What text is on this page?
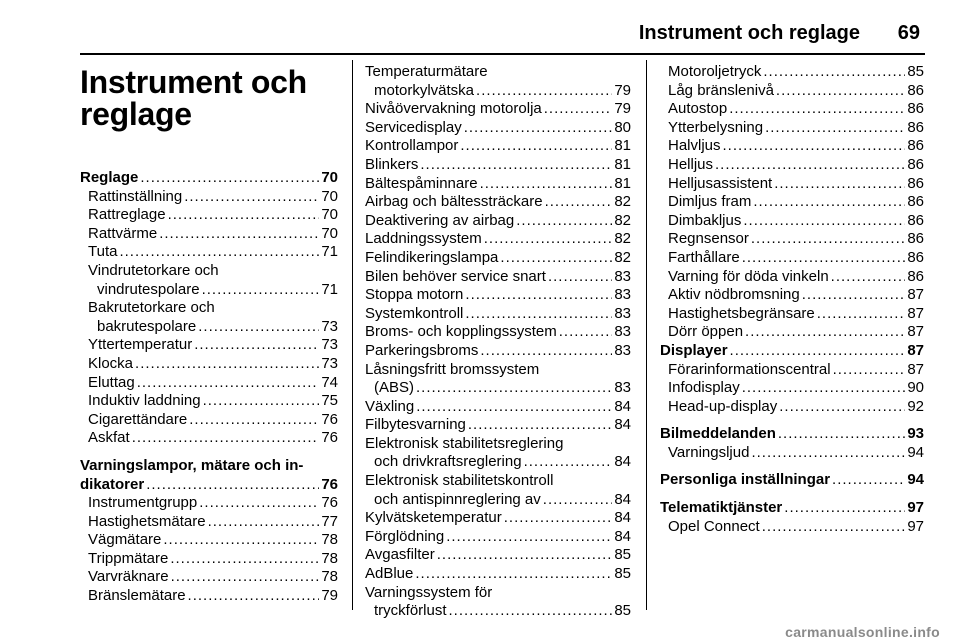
Instrument och reglage	69
Instrument och
reglage
Reglage .....	70
Rattinställning .....	70
Rattreglage .....	70
Rattvärme .....	70
Tuta .....	71
Vindrutetorkare och
vindrutespolare .....	71
Bakrutetorkare och
bakrutespolare .....	73
Yttertemperatur .....	73
Klocka .....	73
Eluttag .....	74
Induktiv laddning .....	75
Cigarettändare .....	76
Askfat .....	76
Varningslampor, mätare och in-
dikatorer .....	76
Instrumentgrupp .....	76
Hastighetsmätare .....	77
Vägmätare .....	78
Trippmätare .....	78
Varvräknare .....	78
Bränslemätare .....	79
Temperaturmätare
motorkylvätska .....	79
Nivåövervakning motorolja .....	79
Servicedisplay .....	80
Kontrollampor .....	81
Blinkers .....	81
Bältespåminnare .....	81
Airbag och bältessträckare .....	82
Deaktivering av airbag .....	82
Laddningssystem .....	82
Felindikeringslampa .....	82
Bilen behöver service snart .....	83
Stoppa motorn .....	83
Systemkontroll .....	83
Broms- och kopplingssystem .....	83
Parkeringsbroms .....	83
Låsningsfritt bromssystem
(ABS) .....	83
Växling .....	84
Filbytesvarning .....	84
Elektronisk stabilitetsreglering
och drivkraftsreglering .....	84
Elektronisk stabilitetskontroll
och antispinnreglering av .....	84
Kylvätsketemperatur .....	84
Förglödning .....	84
Avgasfilter .....	85
AdBlue .....	85
Varningssystem för
tryckförlust .....	85
Motoroljetryck .....	85
Låg bränslenivå .....	86
Autostop .....	86
Ytterbelysning .....	86
Halvljus .....	86
Helljus .....	86
Helljusassistent .....	86
Dimljus fram .....	86
Dimbakljus .....	86
Regnsensor .....	86
Farthållare .....	86
Varning för döda vinkeln .....	86
Aktiv nödbromsning .....	87
Hastighetsbegränsare .....	87
Dörr öppen .....	87
Displayer .....	87
Förarinformationscentral .....	87
Infodisplay .....	90
Head-up-display .....	92
Bilmeddelanden .....	93
Varningsljud .....	94
Personliga inställningar .....	94
Telematiktjänster .....	97
Opel Connect .....	97
carmanualsonline.info
